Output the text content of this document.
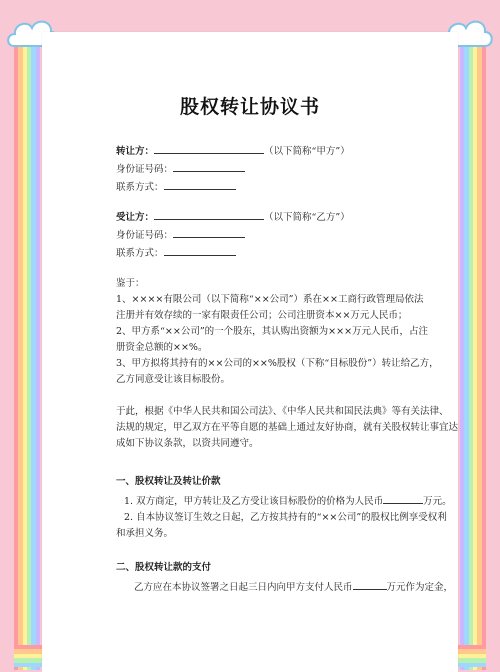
股权转让协议书
转让方：	（以下简称“甲方”）
身份证号码：
联系方式：
受让方：	（以下简称“乙方”）
身份证号码：
联系方式：
鉴于：
1、××××有限公司（以下简称“××公司”）系在××工商行政管理局依法
注册并有效存续的一家有限责任公司；公司注册资本××万元人民币；
2、甲方系“××公司”的一个股东，其认购出资额为×××万元人民币，占注
册资金总额的××%。
3、甲方拟将其持有的××公司的××%股权（下称“目标股份”）转让给乙方，
乙方同意受让该目标股份。
于此，根据《中华人民共和国公司法》、《中华人民共和国民法典》等有关法律、
法规的规定，甲乙双方在平等自愿的基础上通过友好协商，就有关股权转让事宜达
成如下协议条款，以资共同遵守。
一、股权转让及转让价款
1. 双方商定，甲方转让及乙方受让该目标股份的价格为人民币	万元。
2. 自本协议签订生效之日起，乙方按其持有的“××公司”的股权比例享受权利
和承担义务。
二、股权转让款的支付
乙方应在本协议签署之日起三日内向甲方支付人民币	万元作为定金，
